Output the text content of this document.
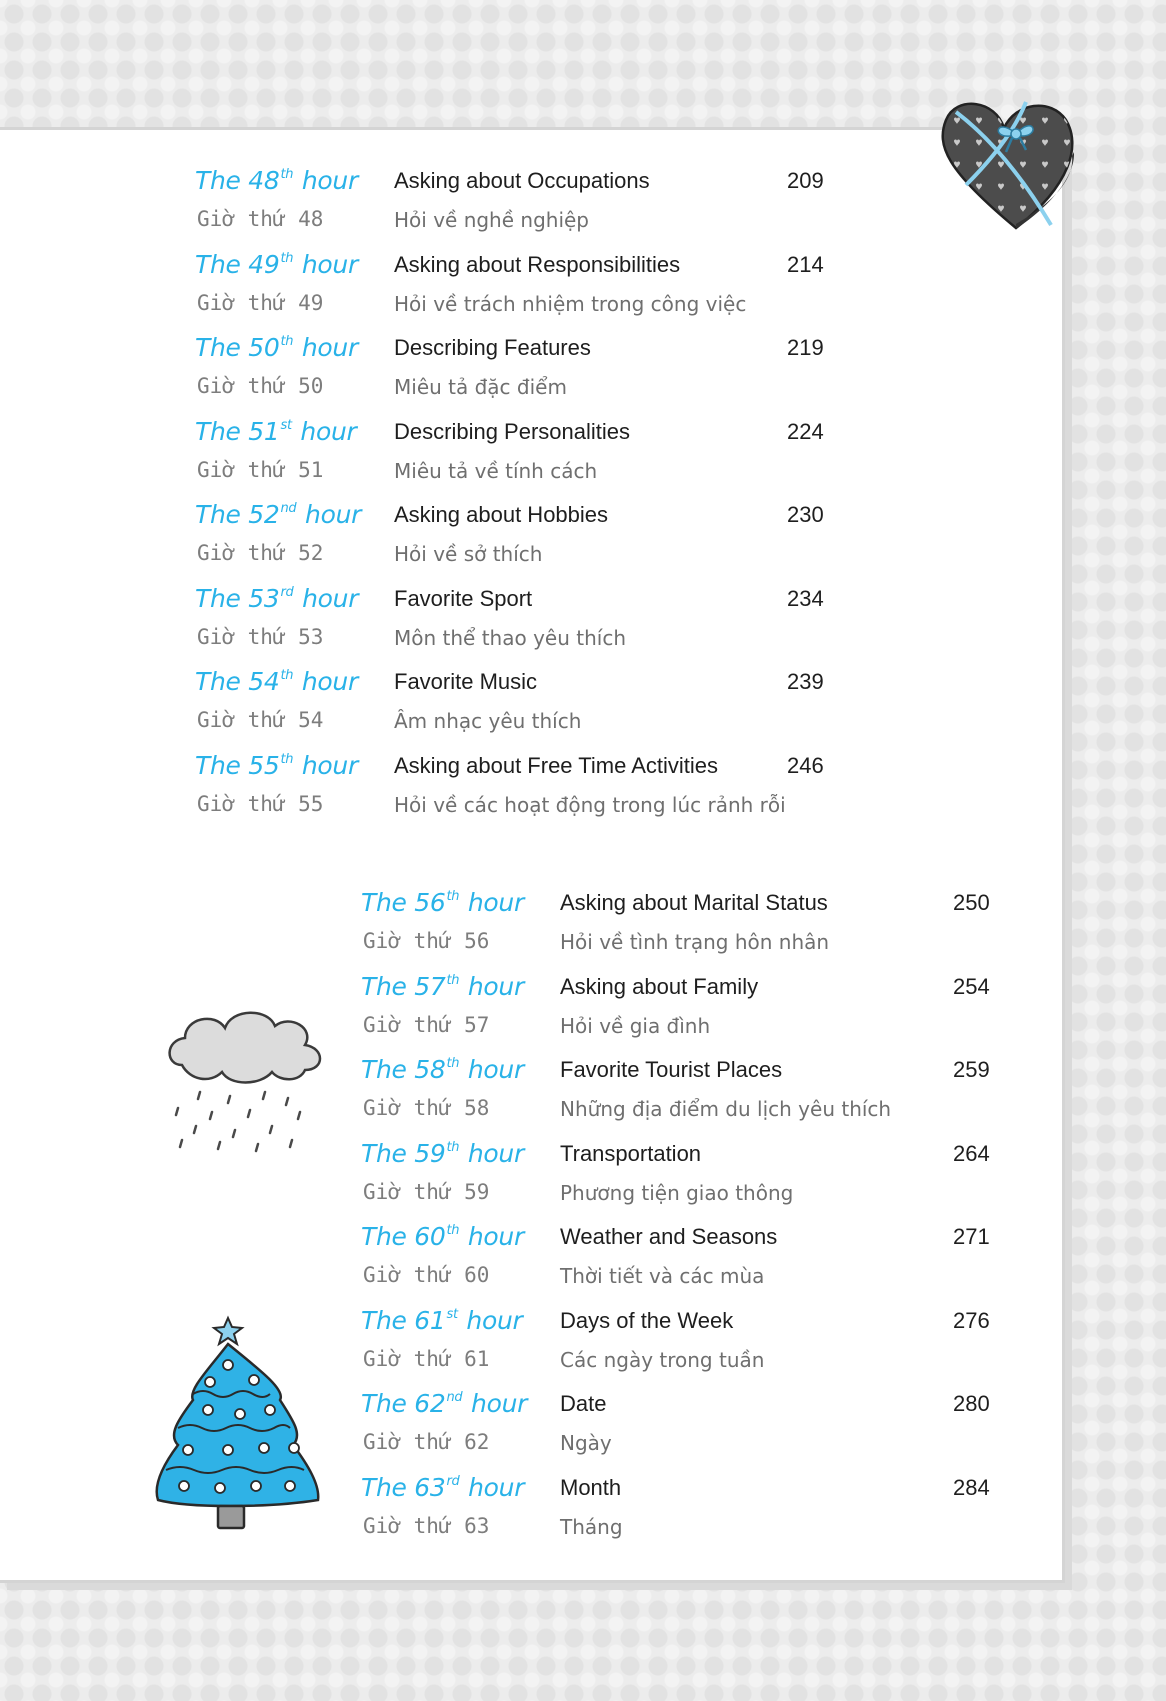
The 48th hour Asking about Occupations	209
Giờ thứ 48	Hỏi về nghề nghiệp
The 49th hour Asking about Responsibilities	214
Giờ thứ 49	Hỏi về trách nhiệm trong công việc
The 50th hour Describing Features	219
Giờ thứ 50	Miêu tả đặc điểm
The 51st hour Describing Personalities	224
Giờ thứ 51	Miêu tả về tính cách
The 52nd hour Asking about Hobbies	230
Giờ thứ 52	Hỏi về sở thích
The 53rd hour Favorite Sport	234
Giờ thứ 53	Môn thể thao yêu thích
The 54th hour Favorite Music	239
Giờ thứ 54	Âm nhạc yêu thích
The 55th hour Asking about Free Time Activities	246
Giờ thứ 55	Hỏi về các hoạt động trong lúc rảnh rỗi
The 56th hour Asking about Marital Status	250
Giờ thứ 56	Hỏi về tình trạng hôn nhân
The 57th hour Asking about Family	254
Giờ thứ 57	Hỏi về gia đình
The 58th hour Favorite Tourist Places	259
Giờ thứ 58	Những địa điểm du lịch yêu thích
The 59th hour Transportation	264
Giờ thứ 59	Phương tiện giao thông
The 60th hour Weather and Seasons	271
Giờ thứ 60	Thời tiết và các mùa
The 61st hour Days of the Week	276
Giờ thứ 61	Các ngày trong tuần
The 62nd hour Date	280
Giờ thứ 62	Ngày
The 63rd hour Month	284
Giờ thứ 63	Tháng
